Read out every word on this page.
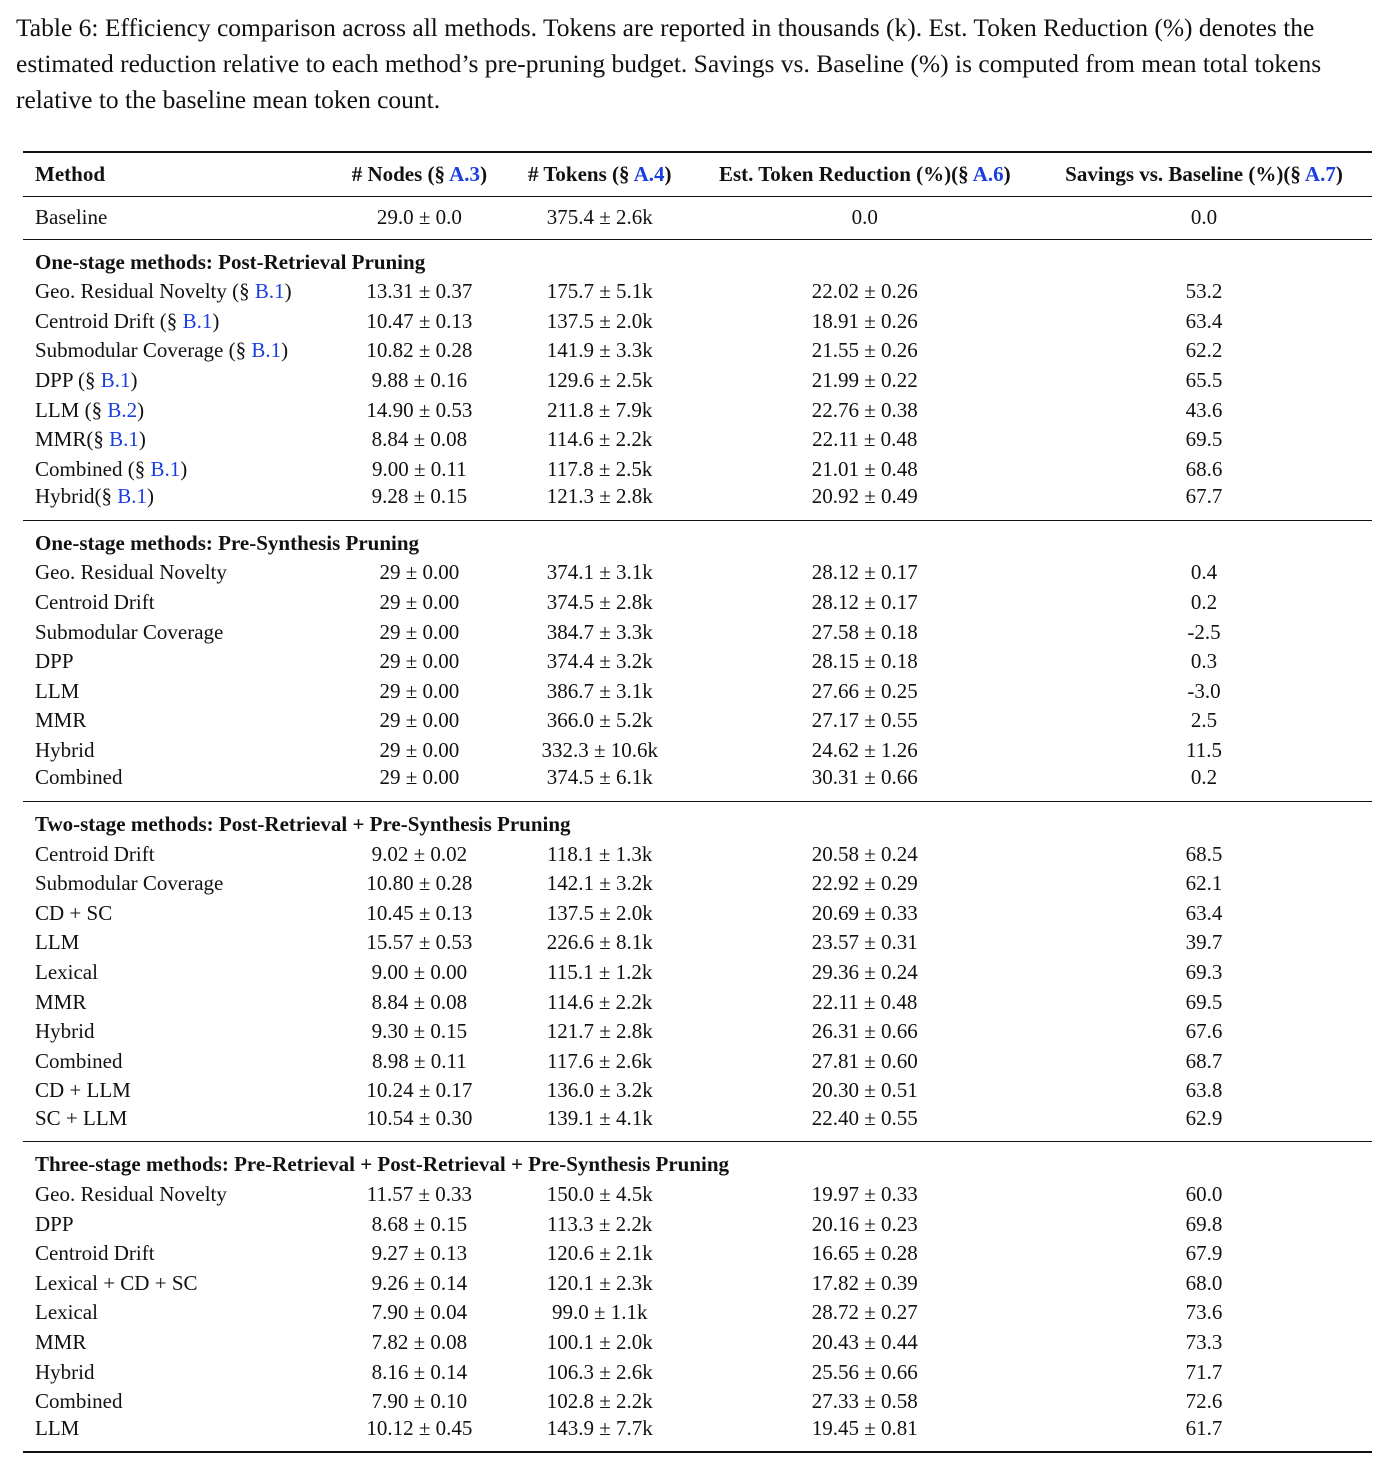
Table 6: Efficiency comparison across all methods. Tokens are reported in thousands (k). Est. Token Reduction (%) denotes the estimated reduction relative to each method’s pre-pruning budget. Savings vs. Baseline (%) is computed from mean total tokens relative to the baseline mean token count.
Method	# Nodes (§ A.3)	# Tokens (§ A.4)	Est. Token Reduction (%)(§ A.6)	Savings vs. Baseline (%)(§ A.7)
Baseline	29.0 ± 0.0	375.4 ± 2.6k	0.0	0.0
One-stage methods: Post-Retrieval Pruning				
Geo. Residual Novelty (§ B.1)	13.31 ± 0.37	175.7 ± 5.1k	22.02 ± 0.26	53.2
Centroid Drift (§ B.1)	10.47 ± 0.13	137.5 ± 2.0k	18.91 ± 0.26	63.4
Submodular Coverage (§ B.1)	10.82 ± 0.28	141.9 ± 3.3k	21.55 ± 0.26	62.2
DPP (§ B.1)	9.88 ± 0.16	129.6 ± 2.5k	21.99 ± 0.22	65.5
LLM (§ B.2)	14.90 ± 0.53	211.8 ± 7.9k	22.76 ± 0.38	43.6
MMR(§ B.1)	8.84 ± 0.08	114.6 ± 2.2k	22.11 ± 0.48	69.5
Combined (§ B.1)	9.00 ± 0.11	117.8 ± 2.5k	21.01 ± 0.48	68.6
Hybrid(§ B.1)	9.28 ± 0.15	121.3 ± 2.8k	20.92 ± 0.49	67.7
One-stage methods: Pre-Synthesis Pruning				
Geo. Residual Novelty	29 ± 0.00	374.1 ± 3.1k	28.12 ± 0.17	0.4
Centroid Drift	29 ± 0.00	374.5 ± 2.8k	28.12 ± 0.17	0.2
Submodular Coverage	29 ± 0.00	384.7 ± 3.3k	27.58 ± 0.18	-2.5
DPP	29 ± 0.00	374.4 ± 3.2k	28.15 ± 0.18	0.3
LLM	29 ± 0.00	386.7 ± 3.1k	27.66 ± 0.25	-3.0
MMR	29 ± 0.00	366.0 ± 5.2k	27.17 ± 0.55	2.5
Hybrid	29 ± 0.00	332.3 ± 10.6k	24.62 ± 1.26	11.5
Combined	29 ± 0.00	374.5 ± 6.1k	30.31 ± 0.66	0.2
Two-stage methods: Post-Retrieval + Pre-Synthesis Pruning				
Centroid Drift	9.02 ± 0.02	118.1 ± 1.3k	20.58 ± 0.24	68.5
Submodular Coverage	10.80 ± 0.28	142.1 ± 3.2k	22.92 ± 0.29	62.1
CD + SC	10.45 ± 0.13	137.5 ± 2.0k	20.69 ± 0.33	63.4
LLM	15.57 ± 0.53	226.6 ± 8.1k	23.57 ± 0.31	39.7
Lexical	9.00 ± 0.00	115.1 ± 1.2k	29.36 ± 0.24	69.3
MMR	8.84 ± 0.08	114.6 ± 2.2k	22.11 ± 0.48	69.5
Hybrid	9.30 ± 0.15	121.7 ± 2.8k	26.31 ± 0.66	67.6
Combined	8.98 ± 0.11	117.6 ± 2.6k	27.81 ± 0.60	68.7
CD + LLM	10.24 ± 0.17	136.0 ± 3.2k	20.30 ± 0.51	63.8
SC + LLM	10.54 ± 0.30	139.1 ± 4.1k	22.40 ± 0.55	62.9
Three-stage methods: Pre-Retrieval + Post-Retrieval + Pre-Synthesis Pruning				
Geo. Residual Novelty	11.57 ± 0.33	150.0 ± 4.5k	19.97 ± 0.33	60.0
DPP	8.68 ± 0.15	113.3 ± 2.2k	20.16 ± 0.23	69.8
Centroid Drift	9.27 ± 0.13	120.6 ± 2.1k	16.65 ± 0.28	67.9
Lexical + CD + SC	9.26 ± 0.14	120.1 ± 2.3k	17.82 ± 0.39	68.0
Lexical	7.90 ± 0.04	99.0 ± 1.1k	28.72 ± 0.27	73.6
MMR	7.82 ± 0.08	100.1 ± 2.0k	20.43 ± 0.44	73.3
Hybrid	8.16 ± 0.14	106.3 ± 2.6k	25.56 ± 0.66	71.7
Combined	7.90 ± 0.10	102.8 ± 2.2k	27.33 ± 0.58	72.6
LLM	10.12 ± 0.45	143.9 ± 7.7k	19.45 ± 0.81	61.7
